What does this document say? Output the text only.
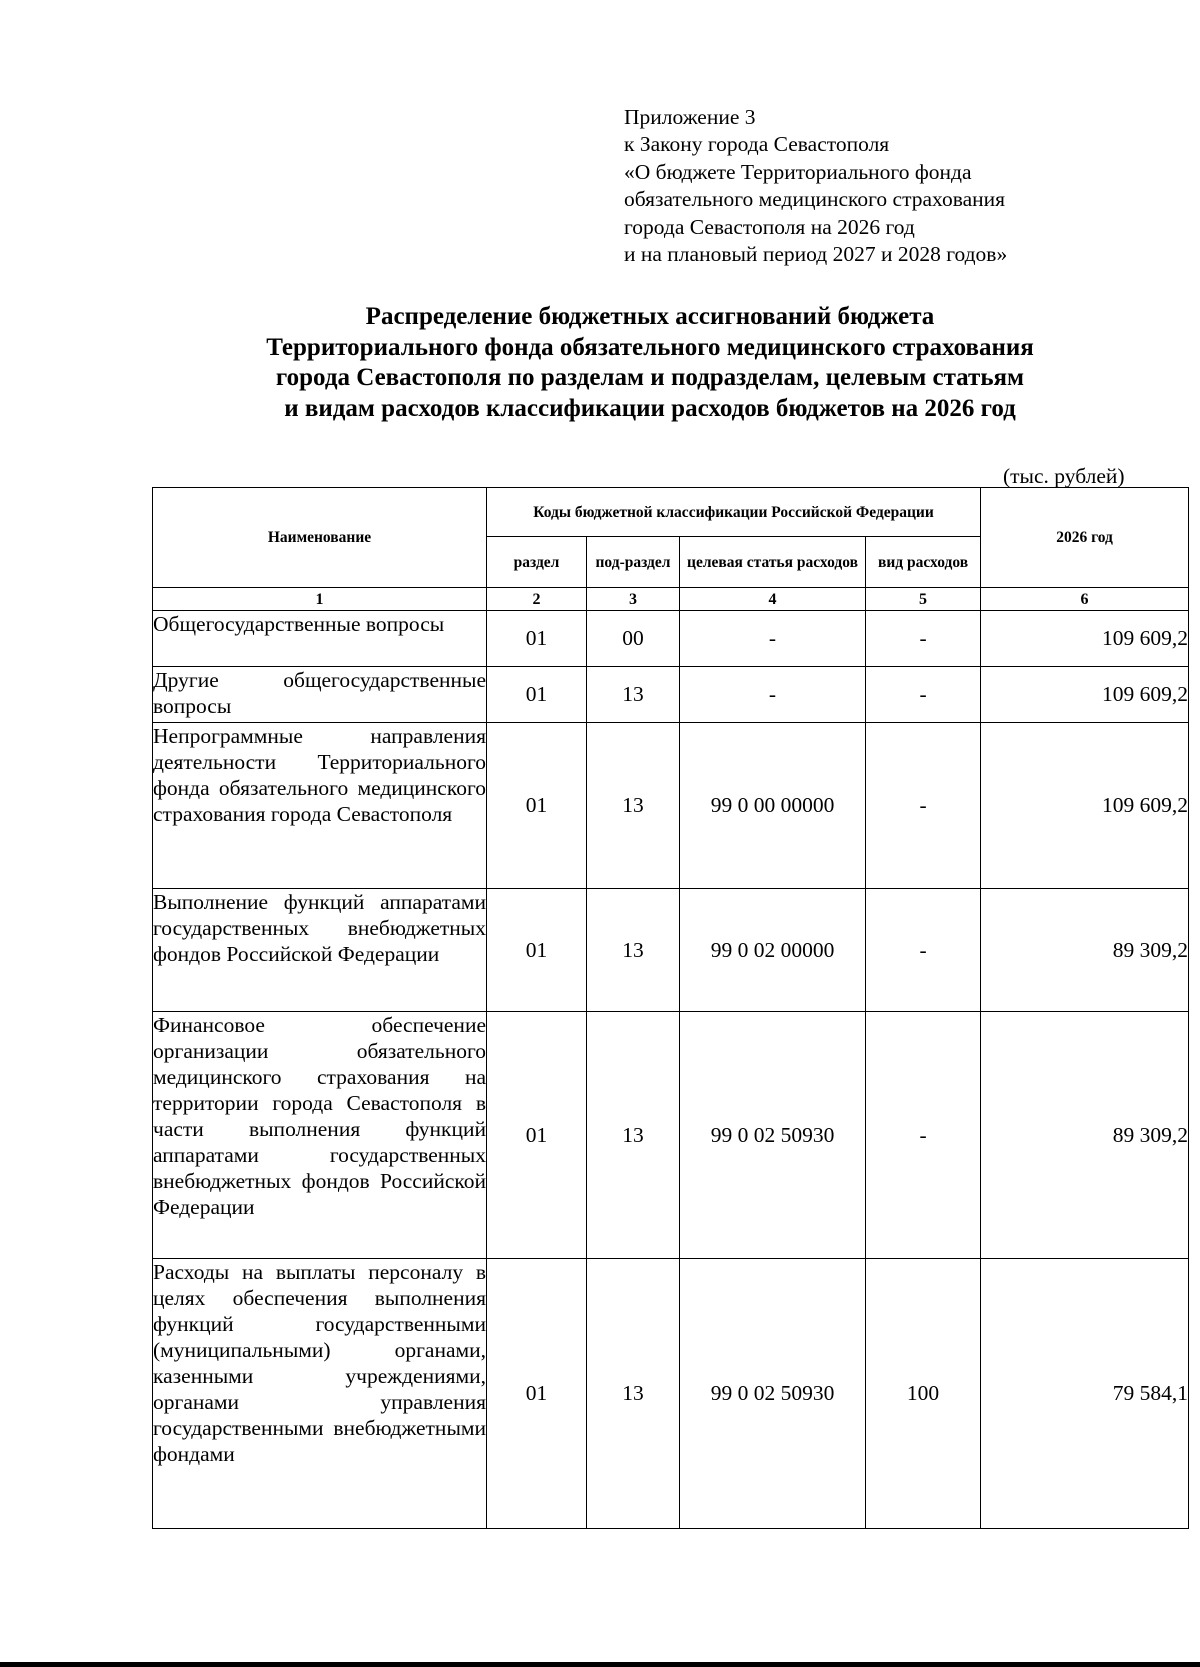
Приложение 3
к Закону города Севастополя
«О бюджете Территориального фонда
обязательного медицинского страхования
города Севастополя на 2026 год
и на плановый период 2027 и 2028 годов»
Распределение бюджетных ассигнований бюджета
Территориального фонда обязательного медицинского страхования
города Севастополя по разделам и подразделам, целевым статьям
и видам расходов классификации расходов бюджетов на 2026 год
(тыс. рублей)
Наименование	Коды бюджетной классификации Российской Федерации				2026 год
	раздел	под-раздел	целевая статья расходов	вид расходов	
1	2	3	4	5	6
Общегосударственные вопросы	01	00	-	-	109 609,2
Другие общегосударственные вопросы	01	13	-	-	109 609,2
Непрограммные направления деятельности Территориального фонда обязательного медицинского страхования города Севастополя	01	13	99 0 00 00000	-	109 609,2
Выполнение функций аппаратами государственных внебюджетных фондов Российской Федерации	01	13	99 0 02 00000	-	89 309,2
Финансовое обеспечение организации обязательного медицинского страхования на территории города Севастополя в части выполнения функций аппаратами государственных внебюджетных фондов Российской Федерации	01	13	99 0 02 50930	-	89 309,2
Расходы на выплаты персоналу в целях обеспечения выполнения функций государственными (муниципальными) органами, казенными учреждениями, органами управления государственными внебюджетными фондами	01	13	99 0 02 50930	100	79 584,1
